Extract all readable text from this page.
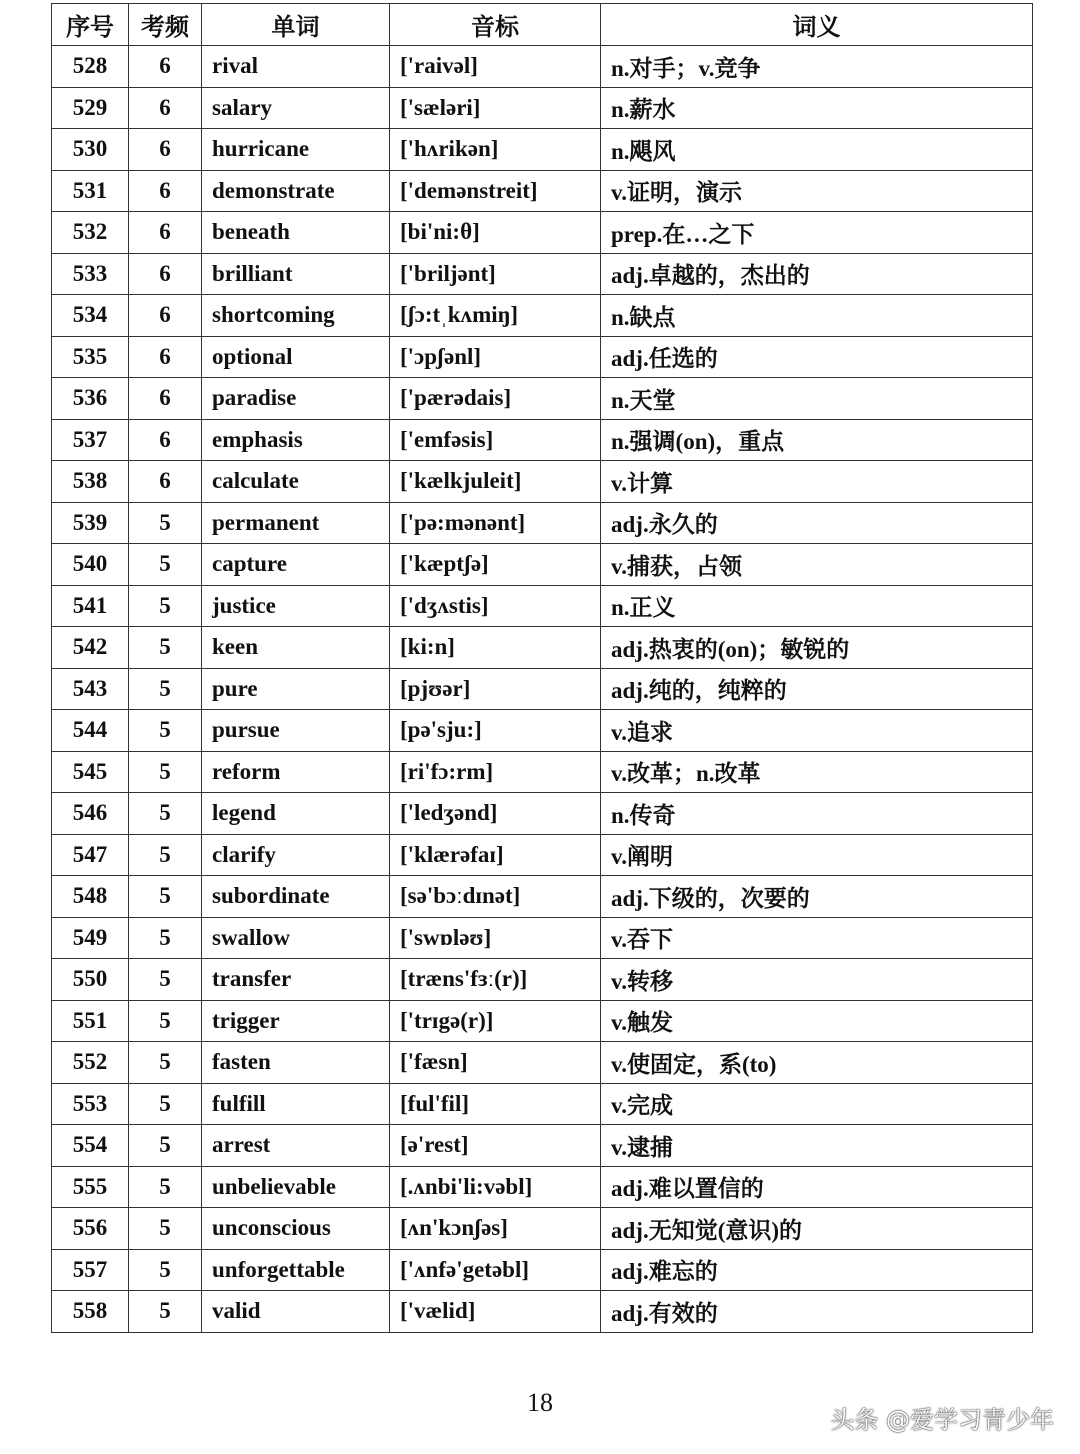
序号	考频	单词	音标	词义
528	6	rival	['raivəl]	n.对手；v.竞争
529	6	salary	['sæləri]	n.薪水
530	6	hurricane	['hʌrikən]	n.飓风
531	6	demonstrate	['demənstreit]	v.证明，演示
532	6	beneath	[bi'ni:θ]	prep.在…之下
533	6	brilliant	['briljənt]	adj.卓越的，杰出的
534	6	shortcoming	[ʃɔ:tˌkʌmiŋ]	n.缺点
535	6	optional	['ɔpʃənl]	adj.任选的
536	6	paradise	['pærədais]	n.天堂
537	6	emphasis	['emfəsis]	n.强调(on)，重点
538	6	calculate	['kælkjuleit]	v.计算
539	5	permanent	['pə:mənənt]	adj.永久的
540	5	capture	['kæptʃə]	v.捕获，占领
541	5	justice	['dʒʌstis]	n.正义
542	5	keen	[ki:n]	adj.热衷的(on)；敏锐的
543	5	pure	[pjʊər]	adj.纯的，纯粹的
544	5	pursue	[pə'sju:]	v.追求
545	5	reform	[ri'fɔ:rm]	v.改革；n.改革
546	5	legend	['ledʒənd]	n.传奇
547	5	clarify	['klærəfaɪ]	v.阐明
548	5	subordinate	[sə'bɔːdɪnət]	adj.下级的，次要的
549	5	swallow	['swɒləʊ]	v.吞下
550	5	transfer	[træns'fɜː(r)]	v.转移
551	5	trigger	['trɪgə(r)]	v.触发
552	5	fasten	['fæsn]	v.使固定，系(to)
553	5	fulfill	[ful'fil]	v.完成
554	5	arrest	[ə'rest]	v.逮捕
555	5	unbelievable	[.ʌnbi'li:vəbl]	adj.难以置信的
556	5	unconscious	[ʌn'kɔnʃəs]	adj.无知觉(意识)的
557	5	unforgettable	['ʌnfə'getəbl]	adj.难忘的
558	5	valid	['vælid]	adj.有效的
18
头条 @爱学习青少年
